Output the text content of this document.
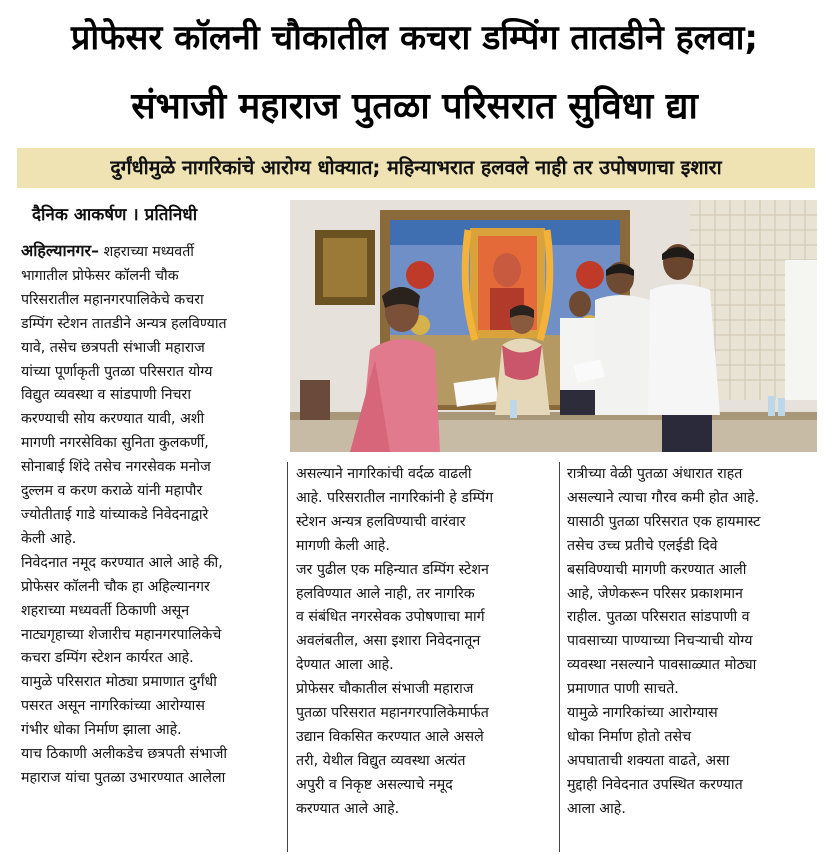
प्रोफेसर कॉलनी चौकातील कचरा डम्पिंग तातडीने हलवा;
संभाजी महाराज पुतळा परिसरात सुविधा द्या
दुर्गंधीमुळे नागरिकांचे आरोग्य धोक्यात; महिन्याभरात हलवले नाही तर उपोषणाचा इशारा
दैनिक आकर्षण । प्रतिनिधी

अहिल्यानगर– शहराच्या मध्यवर्ती

भागातील प्रोफेसर कॉलनी चौक

परिसरातील महानगरपालिकेचे कचरा

डम्पिंग स्टेशन तातडीने अन्यत्र हलविण्यात

यावे, तसेच छत्रपती संभाजी महाराज

यांच्या पूर्णाकृती पुतळा परिसरात योग्य

विद्युत व्यवस्था व सांडपाणी निचरा

करण्याची सोय करण्यात यावी, अशी

मागणी नगरसेविका सुनिता कुलकर्णी,

सोनाबाई शिंदे तसेच नगरसेवक मनोज

दुल्लम व करण कराळे यांनी महापौर

ज्योतीताई गाडे यांच्याकडे निवेदनाद्वारे

केली आहे.

निवेदनात नमूद करण्यात आले आहे की,

प्रोफेसर कॉलनी चौक हा अहिल्यानगर

शहराच्या मध्यवर्ती ठिकाणी असून

नाट्यगृहाच्या शेजारीच महानगरपालिकेचे

कचरा डम्पिंग स्टेशन कार्यरत आहे.

यामुळे परिसरात मोठ्या प्रमाणात दुर्गंधी

पसरत असून नागरिकांच्या आरोग्यास

गंभीर धोका निर्माण झाला आहे.

याच ठिकाणी अलीकडेच छत्रपती संभाजी

महाराज यांचा पुतळा उभारण्यात आलेला

असल्याने नागरिकांची वर्दळ वाढली

आहे. परिसरातील नागरिकांनी हे डम्पिंग

स्टेशन अन्यत्र हलविण्याची वारंवार

मागणी केली आहे.

जर पुढील एक महिन्यात डम्पिंग स्टेशन

हलविण्यात आले नाही, तर नागरिक

व संबंधित नगरसेवक उपोषणाचा मार्ग

अवलंबतील, असा इशारा निवेदनातून

देण्यात आला आहे.

प्रोफेसर चौकातील संभाजी महाराज

पुतळा परिसरात महानगरपालिकेमार्फत

उद्यान विकसित करण्यात आले असले

तरी, येथील विद्युत व्यवस्था अत्यंत

अपुरी व निकृष्ट असल्याचे नमूद

करण्यात आले आहे.

रात्रीच्या वेळी पुतळा अंधारात राहत

असल्याने त्याचा गौरव कमी होत आहे.

यासाठी पुतळा परिसरात एक हायमास्ट

तसेच उच्च प्रतीचे एलईडी दिवे

बसविण्याची मागणी करण्यात आली

आहे, जेणेकरून परिसर प्रकाशमान

राहील. पुतळा परिसरात सांडपाणी व

पावसाच्या पाण्याच्या निचऱ्याची योग्य

व्यवस्था नसल्याने पावसाळ्यात मोठ्या

प्रमाणात पाणी साचते.

यामुळे नागरिकांच्या आरोग्यास

धोका निर्माण होतो तसेच

अपघाताची शक्यता वाढते, असा

मुद्दाही निवेदनात उपस्थित करण्यात

आला आहे.
